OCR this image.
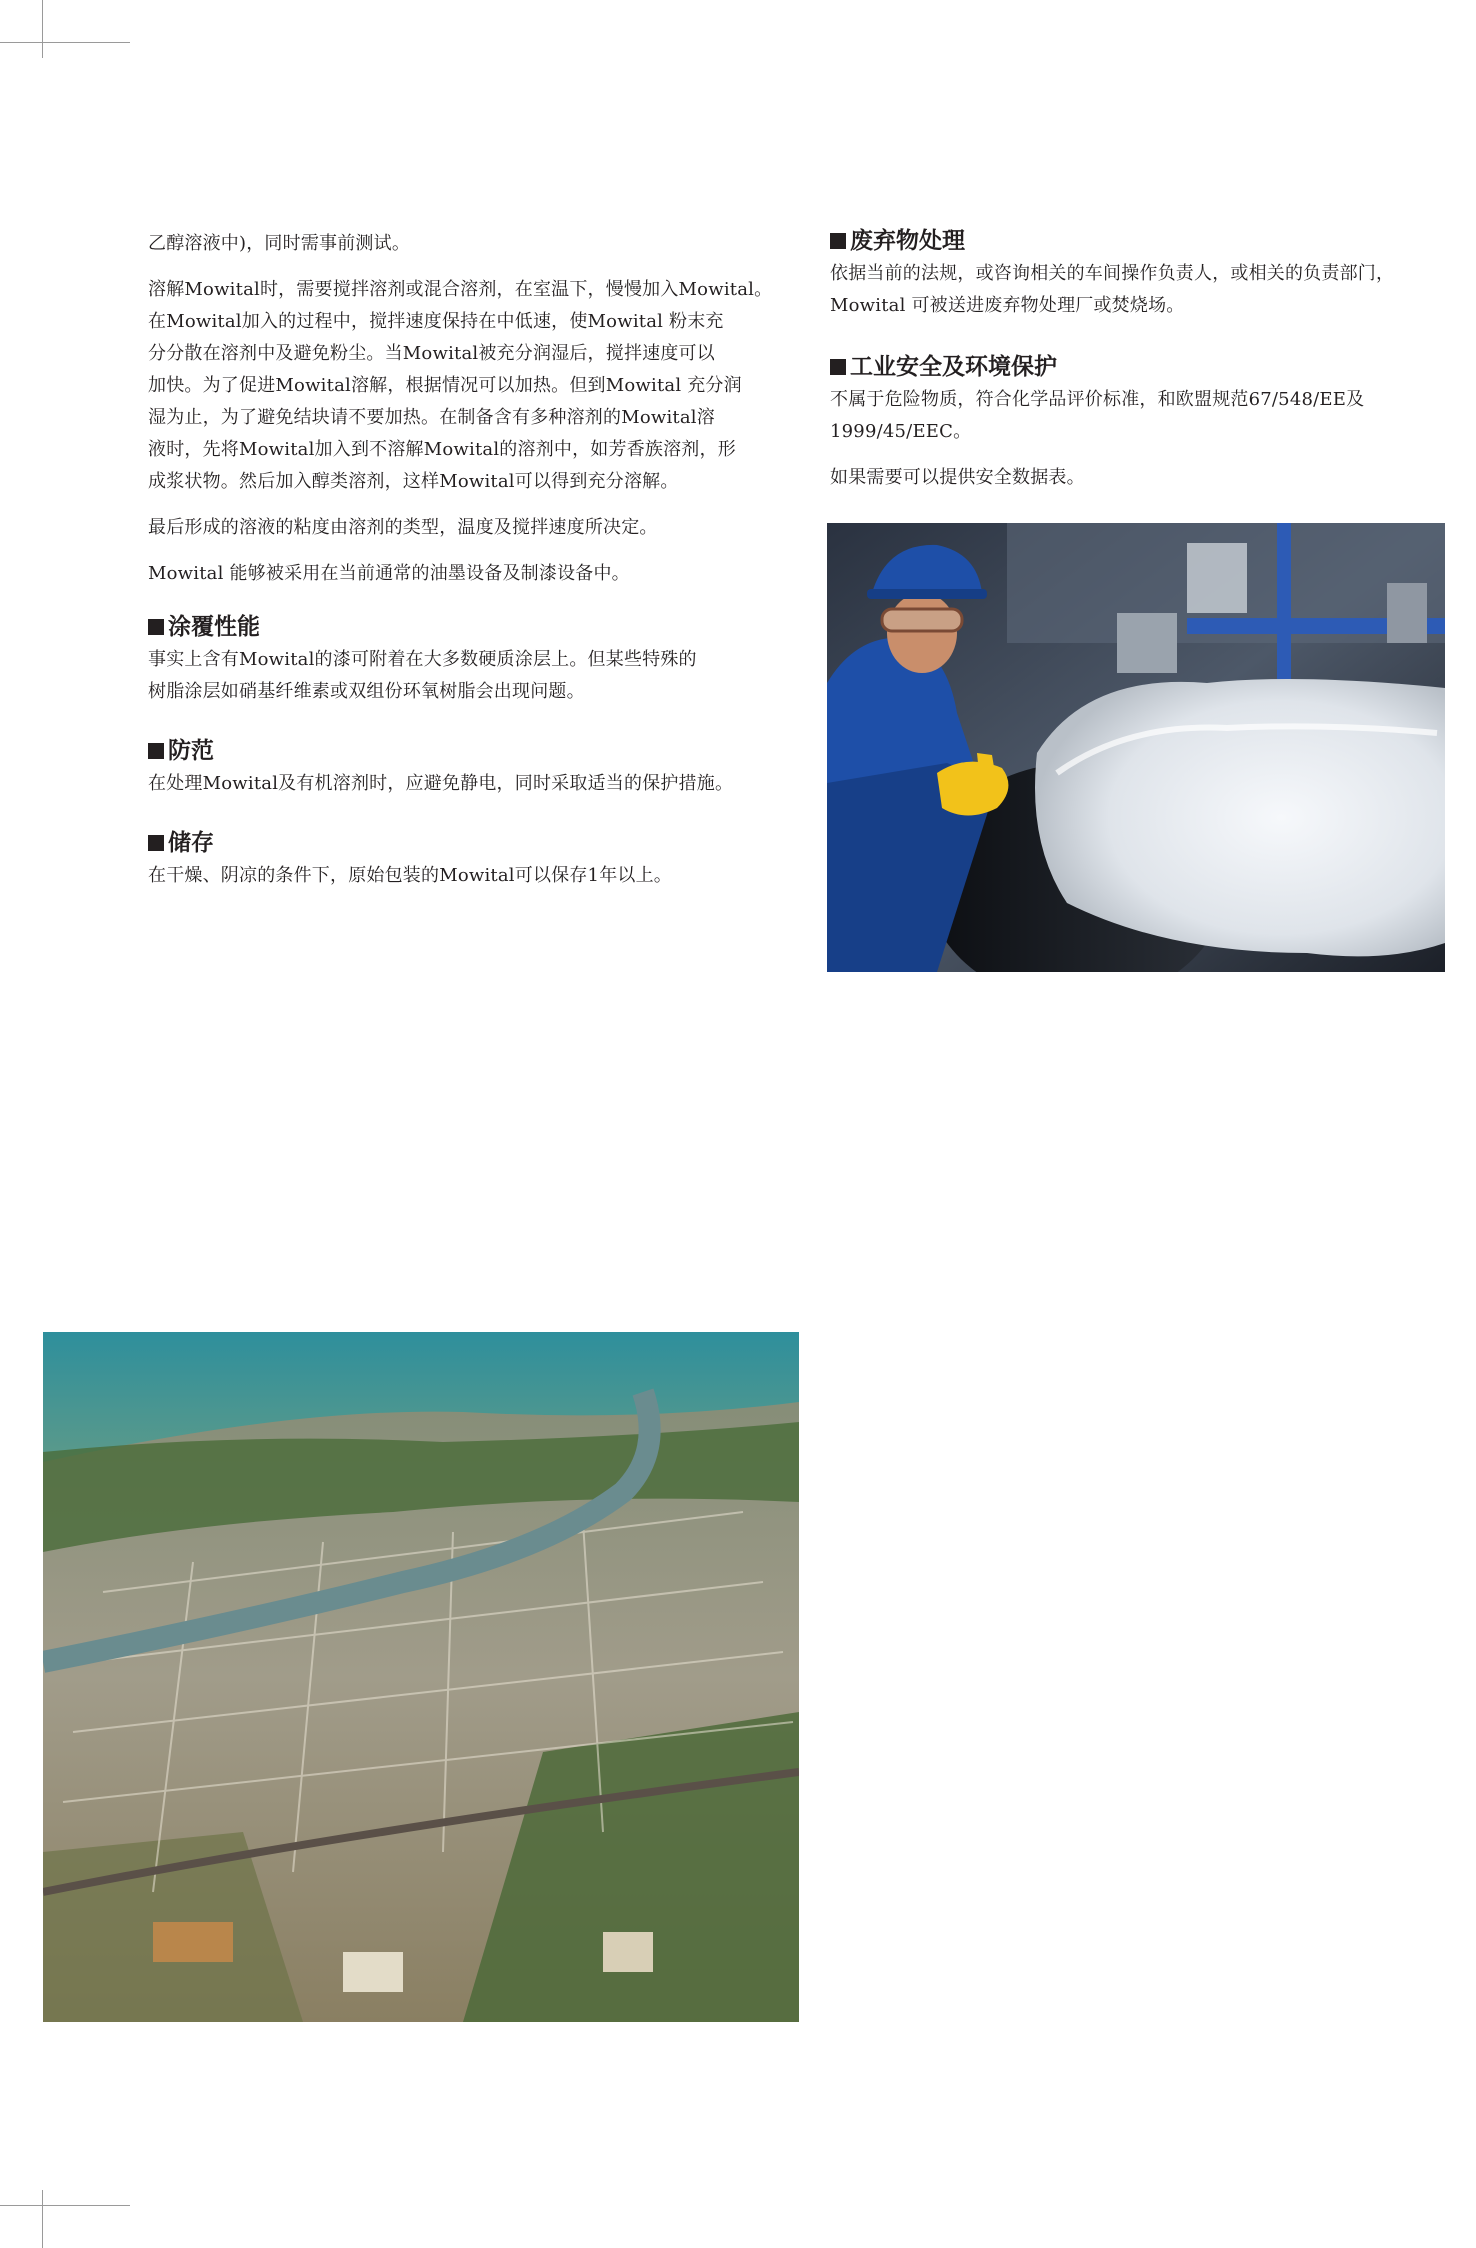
乙醇溶液中)，同时需事前测试。

溶解Mowital时，需要搅拌溶剂或混合溶剂，在室温下，慢慢加入Mowital。
在Mowital加入的过程中，搅拌速度保持在中低速，使Mowital 粉末充
分分散在溶剂中及避免粉尘。当Mowital被充分润湿后，搅拌速度可以
加快。为了促进Mowital溶解，根据情况可以加热。但到Mowital 充分润
湿为止，为了避免结块请不要加热。在制备含有多种溶剂的Mowital溶
液时，先将Mowital加入到不溶解Mowital的溶剂中，如芳香族溶剂，形
成浆状物。然后加入醇类溶剂，这样Mowital可以得到充分溶解。

最后形成的溶液的粘度由溶剂的类型，温度及搅拌速度所决定。

Mowital 能够被采用在当前通常的油墨设备及制漆设备中。

涂覆性能

事实上含有Mowital的漆可附着在大多数硬质涂层上。但某些特殊的
树脂涂层如硝基纤维素或双组份环氧树脂会出现问题。

防范

在处理Mowital及有机溶剂时，应避免静电，同时采取适当的保护措施。

储存

在干燥、阴凉的条件下，原始包装的Mowital可以保存1年以上。

废弃物处理

依据当前的法规，或咨询相关的车间操作负责人，或相关的负责部门，
Mowital 可被送进废弃物处理厂或焚烧场。

工业安全及环境保护

不属于危险物质，符合化学品评价标准，和欧盟规范67/548/EE及
1999/45/EEC。

如果需要可以提供安全数据表。
